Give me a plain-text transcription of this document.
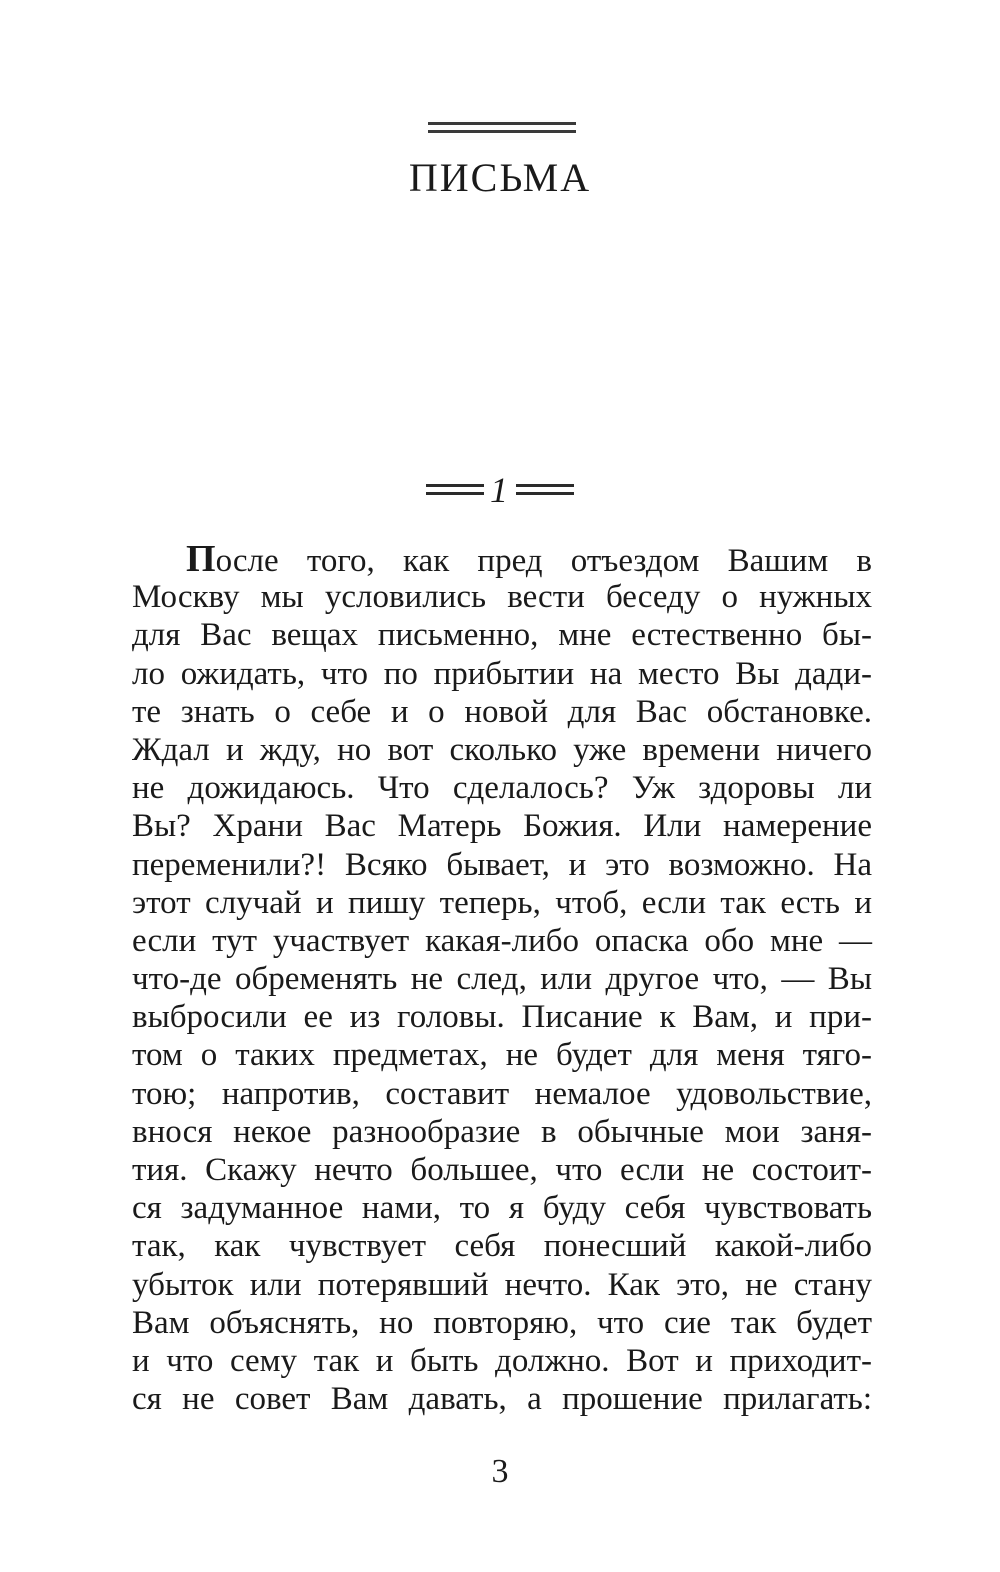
ПИСЬМА
1
После того, как пред отъездом Вашим в
Москву мы условились вести беседу о нужных
для Вас вещах письменно, мне естественно бы-
ло ожидать, что по прибытии на место Вы дади-
те знать о себе и о новой для Вас обстановке.
Ждал и жду, но вот сколько уже времени ничего
не дожидаюсь. Что сделалось? Уж здоровы ли
Вы? Храни Вас Матерь Божия. Или намерение
переменили?! Всяко бывает, и это возможно. На
этот случай и пишу теперь, чтоб, если так есть и
если тут участвует какая-либо опаска обо мне —
что-де обременять не след, или другое что, — Вы
выбросили ее из головы. Писание к Вам, и при-
том о таких предметах, не будет для меня тяго-
тою; напротив, составит немалое удовольствие,
внося некое разнообразие в обычные мои заня-
тия. Скажу нечто большее, что если не состоит-
ся задуманное нами, то я буду себя чувствовать
так, как чувствует себя понесший какой-либо
убыток или потерявший нечто. Как это, не стану
Вам объяснять, но повторяю, что сие так будет
и что сему так и быть должно. Вот и приходит-
ся не совет Вам давать, а прошение прилагать:
3
